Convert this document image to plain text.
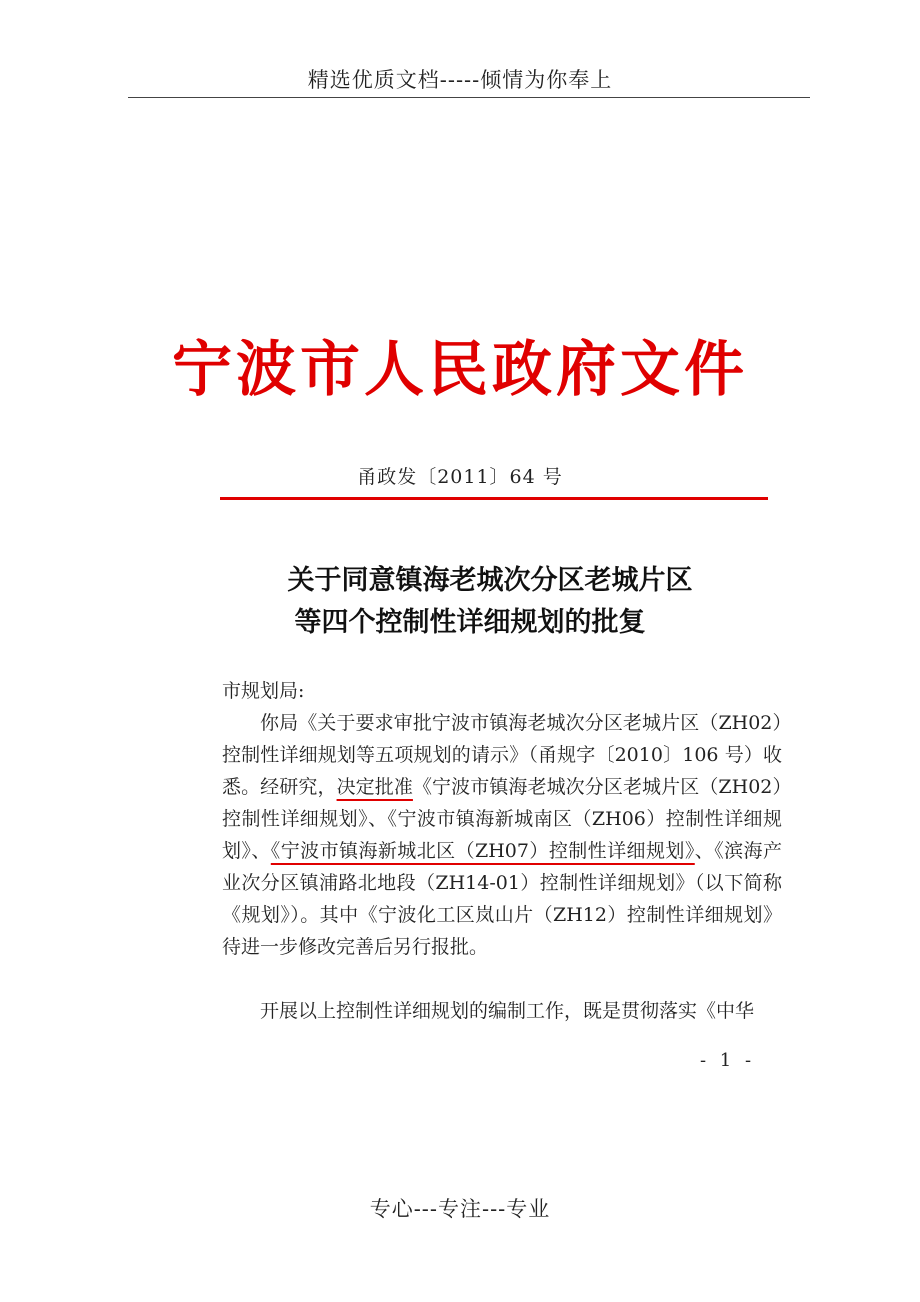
精选优质文档-----倾情为你奉上
宁波市人民政府文件
甬政发〔2011〕64 号
关于同意镇海老城次分区老城片区
等四个控制性详细规划的批复
市规划局:
你局《关于要求审批宁波市镇海老城次分区老城片区（ZH02）控制性详细规划等五项规划的请示》（甬规字〔2010〕106 号）收悉。经研究，决定批准《宁波市镇海老城次分区老城片区（ZH02）控制性详细规划》、《宁波市镇海新城南区（ZH06）控制性详细规划》、《宁波市镇海新城北区（ZH07）控制性详细规划》、《滨海产业次分区镇浦路北地段（ZH14-01）控制性详细规划》（以下简称《规划》）。其中《宁波化工区岚山片（ZH12）控制性详细规划》待进一步修改完善后另行报批。
开展以上控制性详细规划的编制工作，既是贯彻落实《中华
- 1 -
专心---专注---专业
